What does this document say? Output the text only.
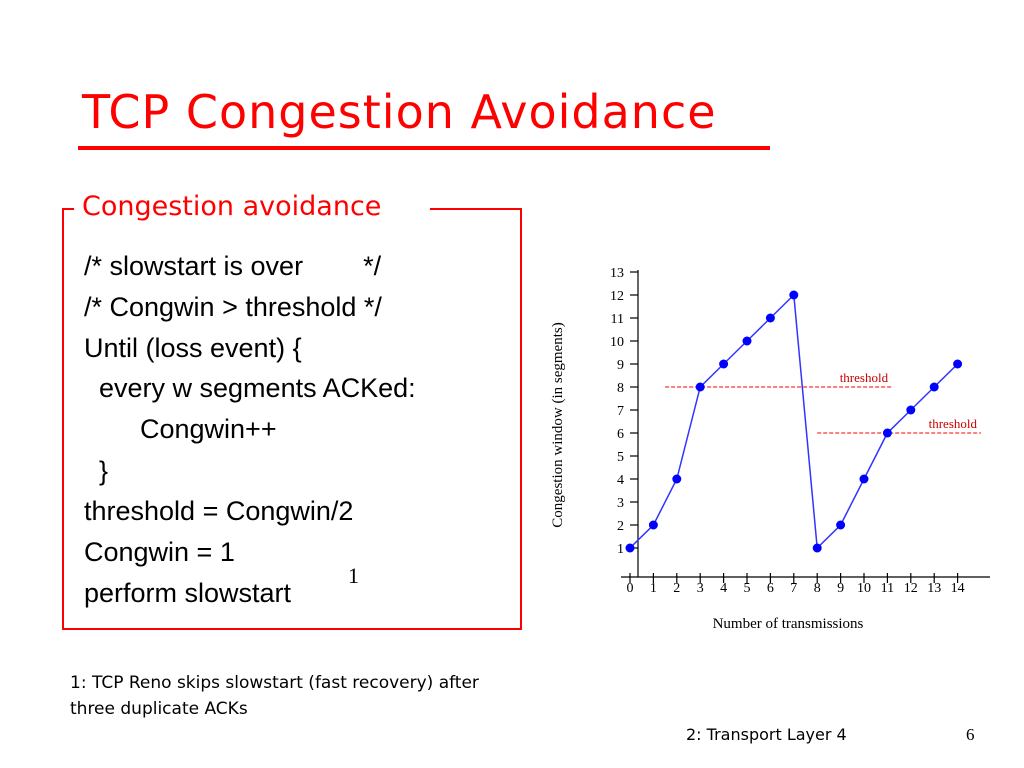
TCP Congestion Avoidance
Congestion avoidance
/* slowstart is over        */
/* Congwin > threshold */
Until (loss event) {
every w segments ACKed:
Congwin++
}
threshold = Congwin/2
Congwin = 1
perform slowstart
1
1
2
3
4
5
6
7
8
9
10
11
12
13
0 1 2 3 4 5 6 7 8 9 10 11 12 13 14
threshold
threshold
Number of transmissions
Congestion window (in segments)
1: TCP Reno skips slowstart (fast recovery) after three duplicate ACKs
2: Transport Layer 4	6
